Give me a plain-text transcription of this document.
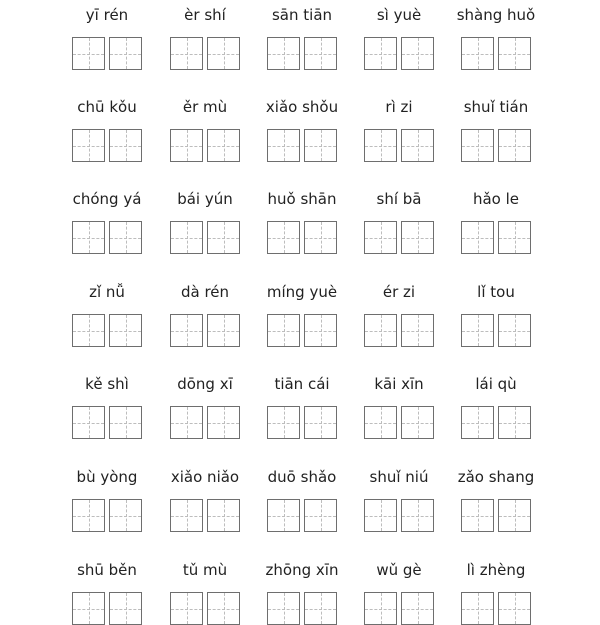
yī rén	èr shí	sān tiān	sì yuè	shàng huǒ
chū kǒu	ěr mù	xiǎo shǒu	rì zi	shuǐ tián
chóng yá	bái yún	huǒ shān	shí bā	hǎo le
zǐ nǚ	dà rén	míng yuè	ér zi	lǐ tou
kě shì	dōng xī	tiān cái	kāi xīn	lái qù
bù yòng	xiǎo niǎo	duō shǎo	shuǐ niú	zǎo shang
shū běn	tǔ mù	zhōng xīn	wǔ gè	lì zhèng
